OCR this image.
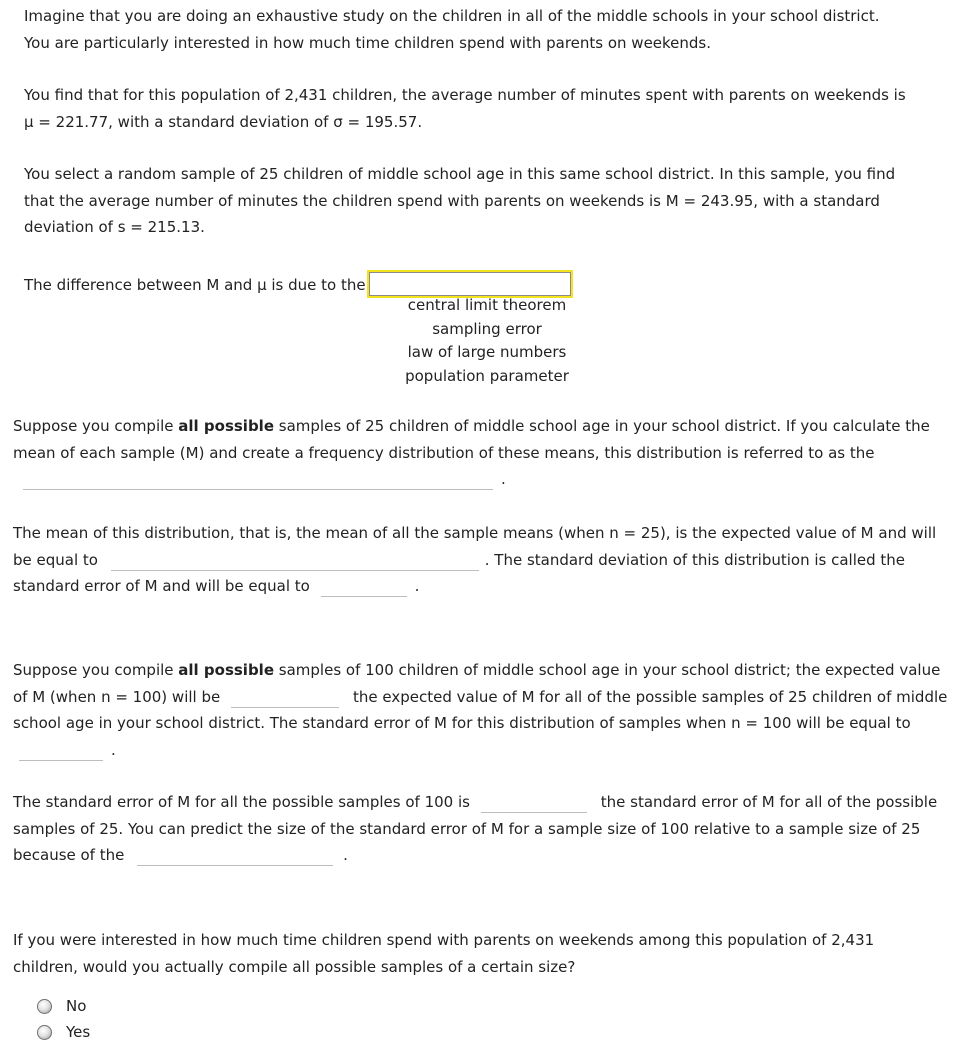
Imagine that you are doing an exhaustive study on the children in all of the middle schools in your school district.
You are particularly interested in how much time children spend with parents on weekends.

You find that for this population of 2,431 children, the average number of minutes spent with parents on weekends is
μ = 221.77, with a standard deviation of σ = 195.57.

You select a random sample of 25 children of middle school age in this same school district. In this sample, you find
that the average number of minutes the children spend with parents on weekends is M = 243.95, with a standard
deviation of s = 215.13.

The difference between M and μ is due to the

central limit theorem
sampling error
law of large numbers
population parameter

Suppose you compile all possible samples of 25 children of middle school age in your school district. If you calculate the mean of each sample (M) and create a frequency distribution of these means, this distribution is referred to as the .

The mean of this distribution, that is, the mean of all the sample means (when n = 25), is the expected value of M and will be equal to	. The standard deviation of this distribution is called the standard error of M and will be equal to	.

Suppose you compile all possible samples of 100 children of middle school age in your school district; the expected value of M (when n = 100) will be	the expected value of M for all of the possible samples of 25 children of middle school age in your school district. The standard error of M for this distribution of samples when n = 100 will be equal to .

The standard error of M for all the possible samples of 100 is	the standard error of M for all of the possible samples of 25. You can predict the size of the standard error of M for a sample size of 100 relative to a sample size of 25 because of the	.

If you were interested in how much time children spend with parents on weekends among this population of 2,431 children, would you actually compile all possible samples of a certain size?

No
Yes
